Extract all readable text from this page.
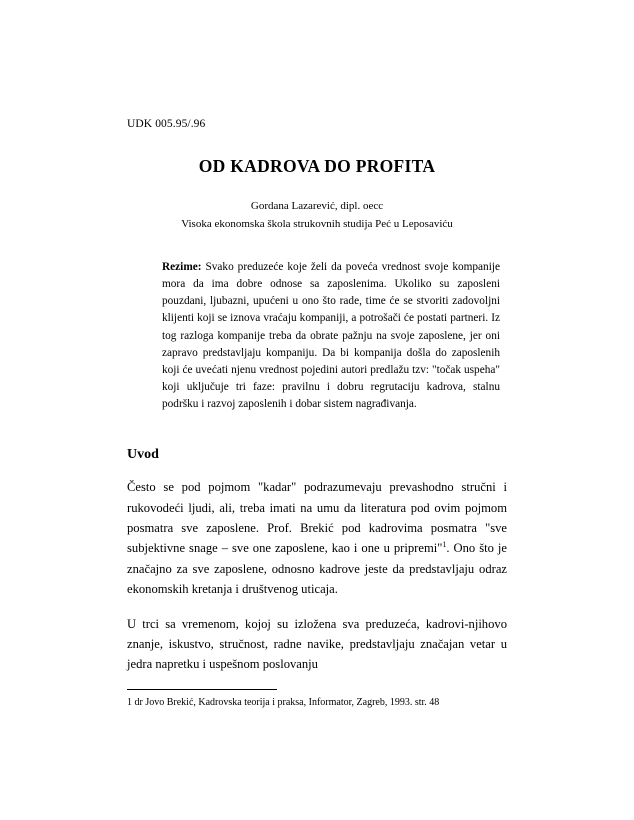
UDK 005.95/.96
OD KADROVA DO PROFITA
Gordana Lazarević, dipl. oecc
Visoka ekonomska škola strukovnih studija Peć u Leposaviću
Rezime: Svako preduzeće koje želi da poveća vrednost svoje kompanije mora da ima dobre odnose sa zaposlenima. Ukoliko su zaposleni pouzdani, ljubazni, upućeni u ono što rade, time će se stvoriti zadovoljni klijenti koji se iznova vraćaju kompaniji, a potrošači će postati partneri. Iz tog razloga kompanije treba da obrate pažnju na svoje zaposlene, jer oni zapravo predstavljaju kompaniju. Da bi kompanija došla do zaposlenih koji će uvećati njenu vrednost pojedini autori predlažu tzv: "točak uspeha" koji uključuje tri faze: pravilnu i dobru regrutaciju kadrova, stalnu podršku i razvoj zaposlenih i dobar sistem nagrađivanja.
Uvod
Često se pod pojmom "kadar" podrazumevaju prevashodno stručni i rukovodeći ljudi, ali, treba imati na umu da literatura pod ovim pojmom posmatra sve zaposlene. Prof. Brekić pod kadrovima posmatra "sve subjektivne snage – sve one zaposlene, kao i one u pripremi"$^1$. Ono što je značajno za sve zaposlene, odnosno kadrove jeste da predstavljaju odraz ekonomskih kretanja i društvenog uticaja.
U trci sa vremenom, kojoj su izložena sva preduzeća, kadrovi-njihovo znanje, iskustvo, stručnost, radne navike, predstavljaju značajan vetar u jedra napretku i uspešnom poslovanju
1 dr Jovo Brekić, Kadrovska teorija i praksa, Informator, Zagreb, 1993. str. 48
